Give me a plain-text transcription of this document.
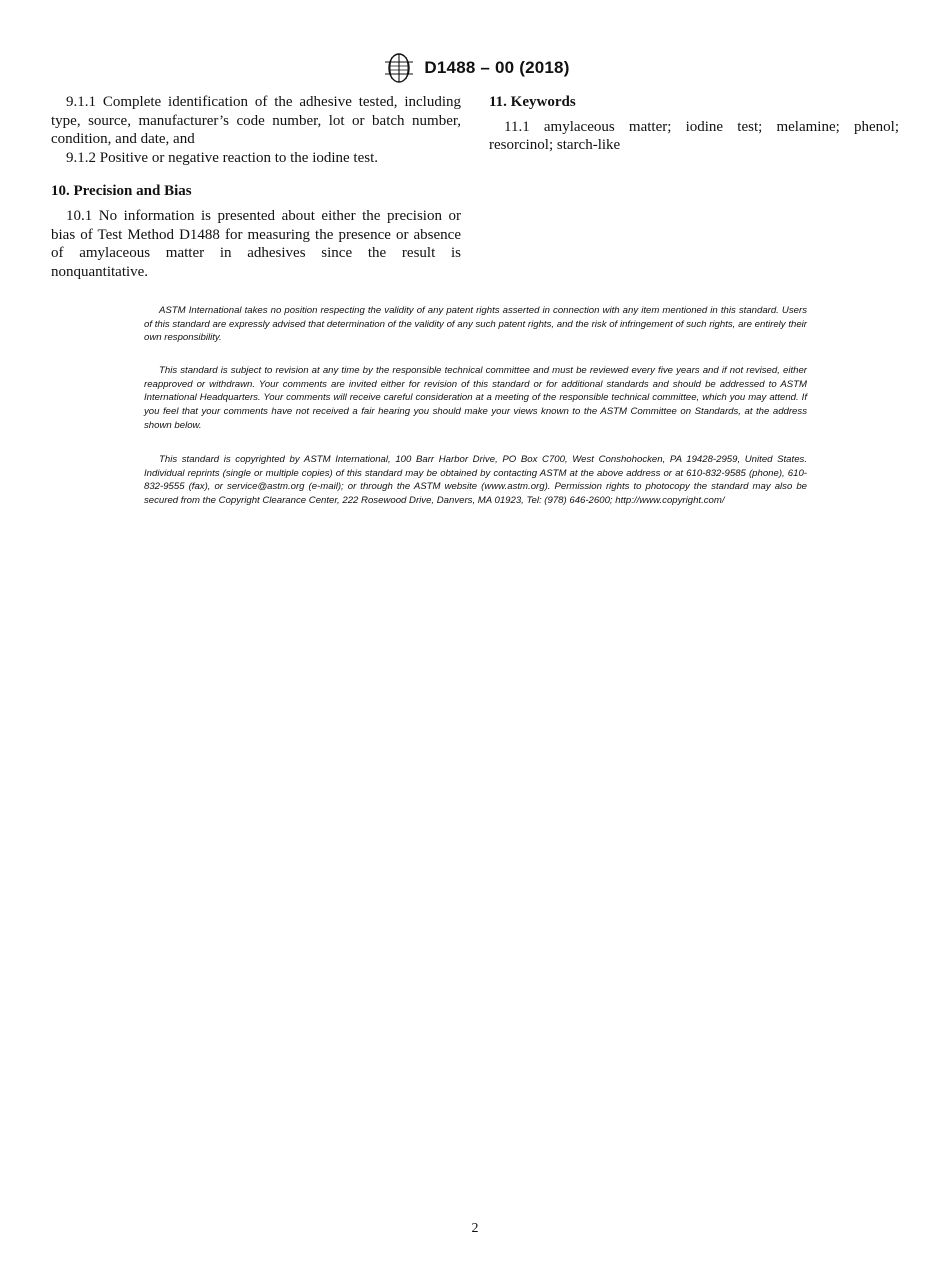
D1488 – 00 (2018)

9.1.1 Complete identification of the adhesive tested, including type, source, manufacturer’s code number, lot or batch number, condition, and date, and

9.1.2 Positive or negative reaction to the iodine test.

10. Precision and Bias

10.1 No information is presented about either the precision or bias of Test Method D1488 for measuring the presence or absence of amylaceous matter in adhesives since the result is nonquantitative.

11. Keywords

11.1 amylaceous matter; iodine test; melamine; phenol; resorcinol; starch-like

ASTM International takes no position respecting the validity of any patent rights asserted in connection with any item mentioned in this standard. Users of this standard are expressly advised that determination of the validity of any such patent rights, and the risk of infringement of such rights, are entirely their own responsibility.

This standard is subject to revision at any time by the responsible technical committee and must be reviewed every five years and if not revised, either reapproved or withdrawn. Your comments are invited either for revision of this standard or for additional standards and should be addressed to ASTM International Headquarters. Your comments will receive careful consideration at a meeting of the responsible technical committee, which you may attend. If you feel that your comments have not received a fair hearing you should make your views known to the ASTM Committee on Standards, at the address shown below.

This standard is copyrighted by ASTM International, 100 Barr Harbor Drive, PO Box C700, West Conshohocken, PA 19428-2959, United States. Individual reprints (single or multiple copies) of this standard may be obtained by contacting ASTM at the above address or at 610-832-9585 (phone), 610-832-9555 (fax), or service@astm.org (e-mail); or through the ASTM website (www.astm.org). Permission rights to photocopy the standard may also be secured from the Copyright Clearance Center, 222 Rosewood Drive, Danvers, MA 01923, Tel: (978) 646-2600; http://www.copyright.com/

2
